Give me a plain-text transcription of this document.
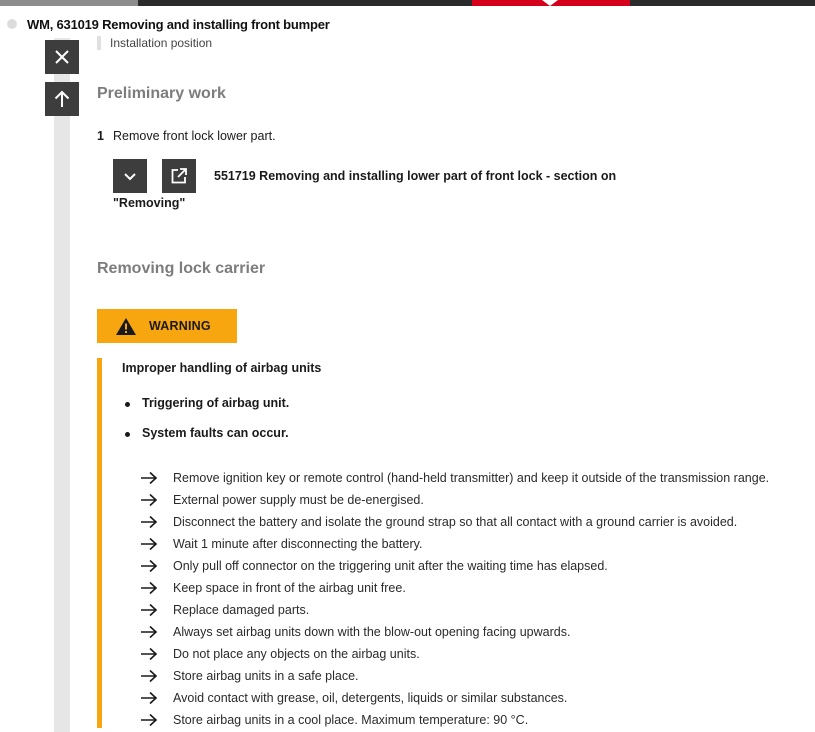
WM, 631019 Removing and installing front bumper
Installation position
Preliminary work
1 Remove front lock lower part.
551719 Removing and installing lower part of front lock - section on
"Removing"
Removing lock carrier
WARNING
Improper handling of airbag units
Triggering of airbag unit.
System faults can occur.
Remove ignition key or remote control (hand-held transmitter) and keep it outside of the transmission range.
External power supply must be de-energised.
Disconnect the battery and isolate the ground strap so that all contact with a ground carrier is avoided.
Wait 1 minute after disconnecting the battery.
Only pull off connector on the triggering unit after the waiting time has elapsed.
Keep space in front of the airbag unit free.
Replace damaged parts.
Always set airbag units down with the blow-out opening facing upwards.
Do not place any objects on the airbag units.
Store airbag units in a safe place.
Avoid contact with grease, oil, detergents, liquids or similar substances.
Store airbag units in a cool place. Maximum temperature: 90 °C.
